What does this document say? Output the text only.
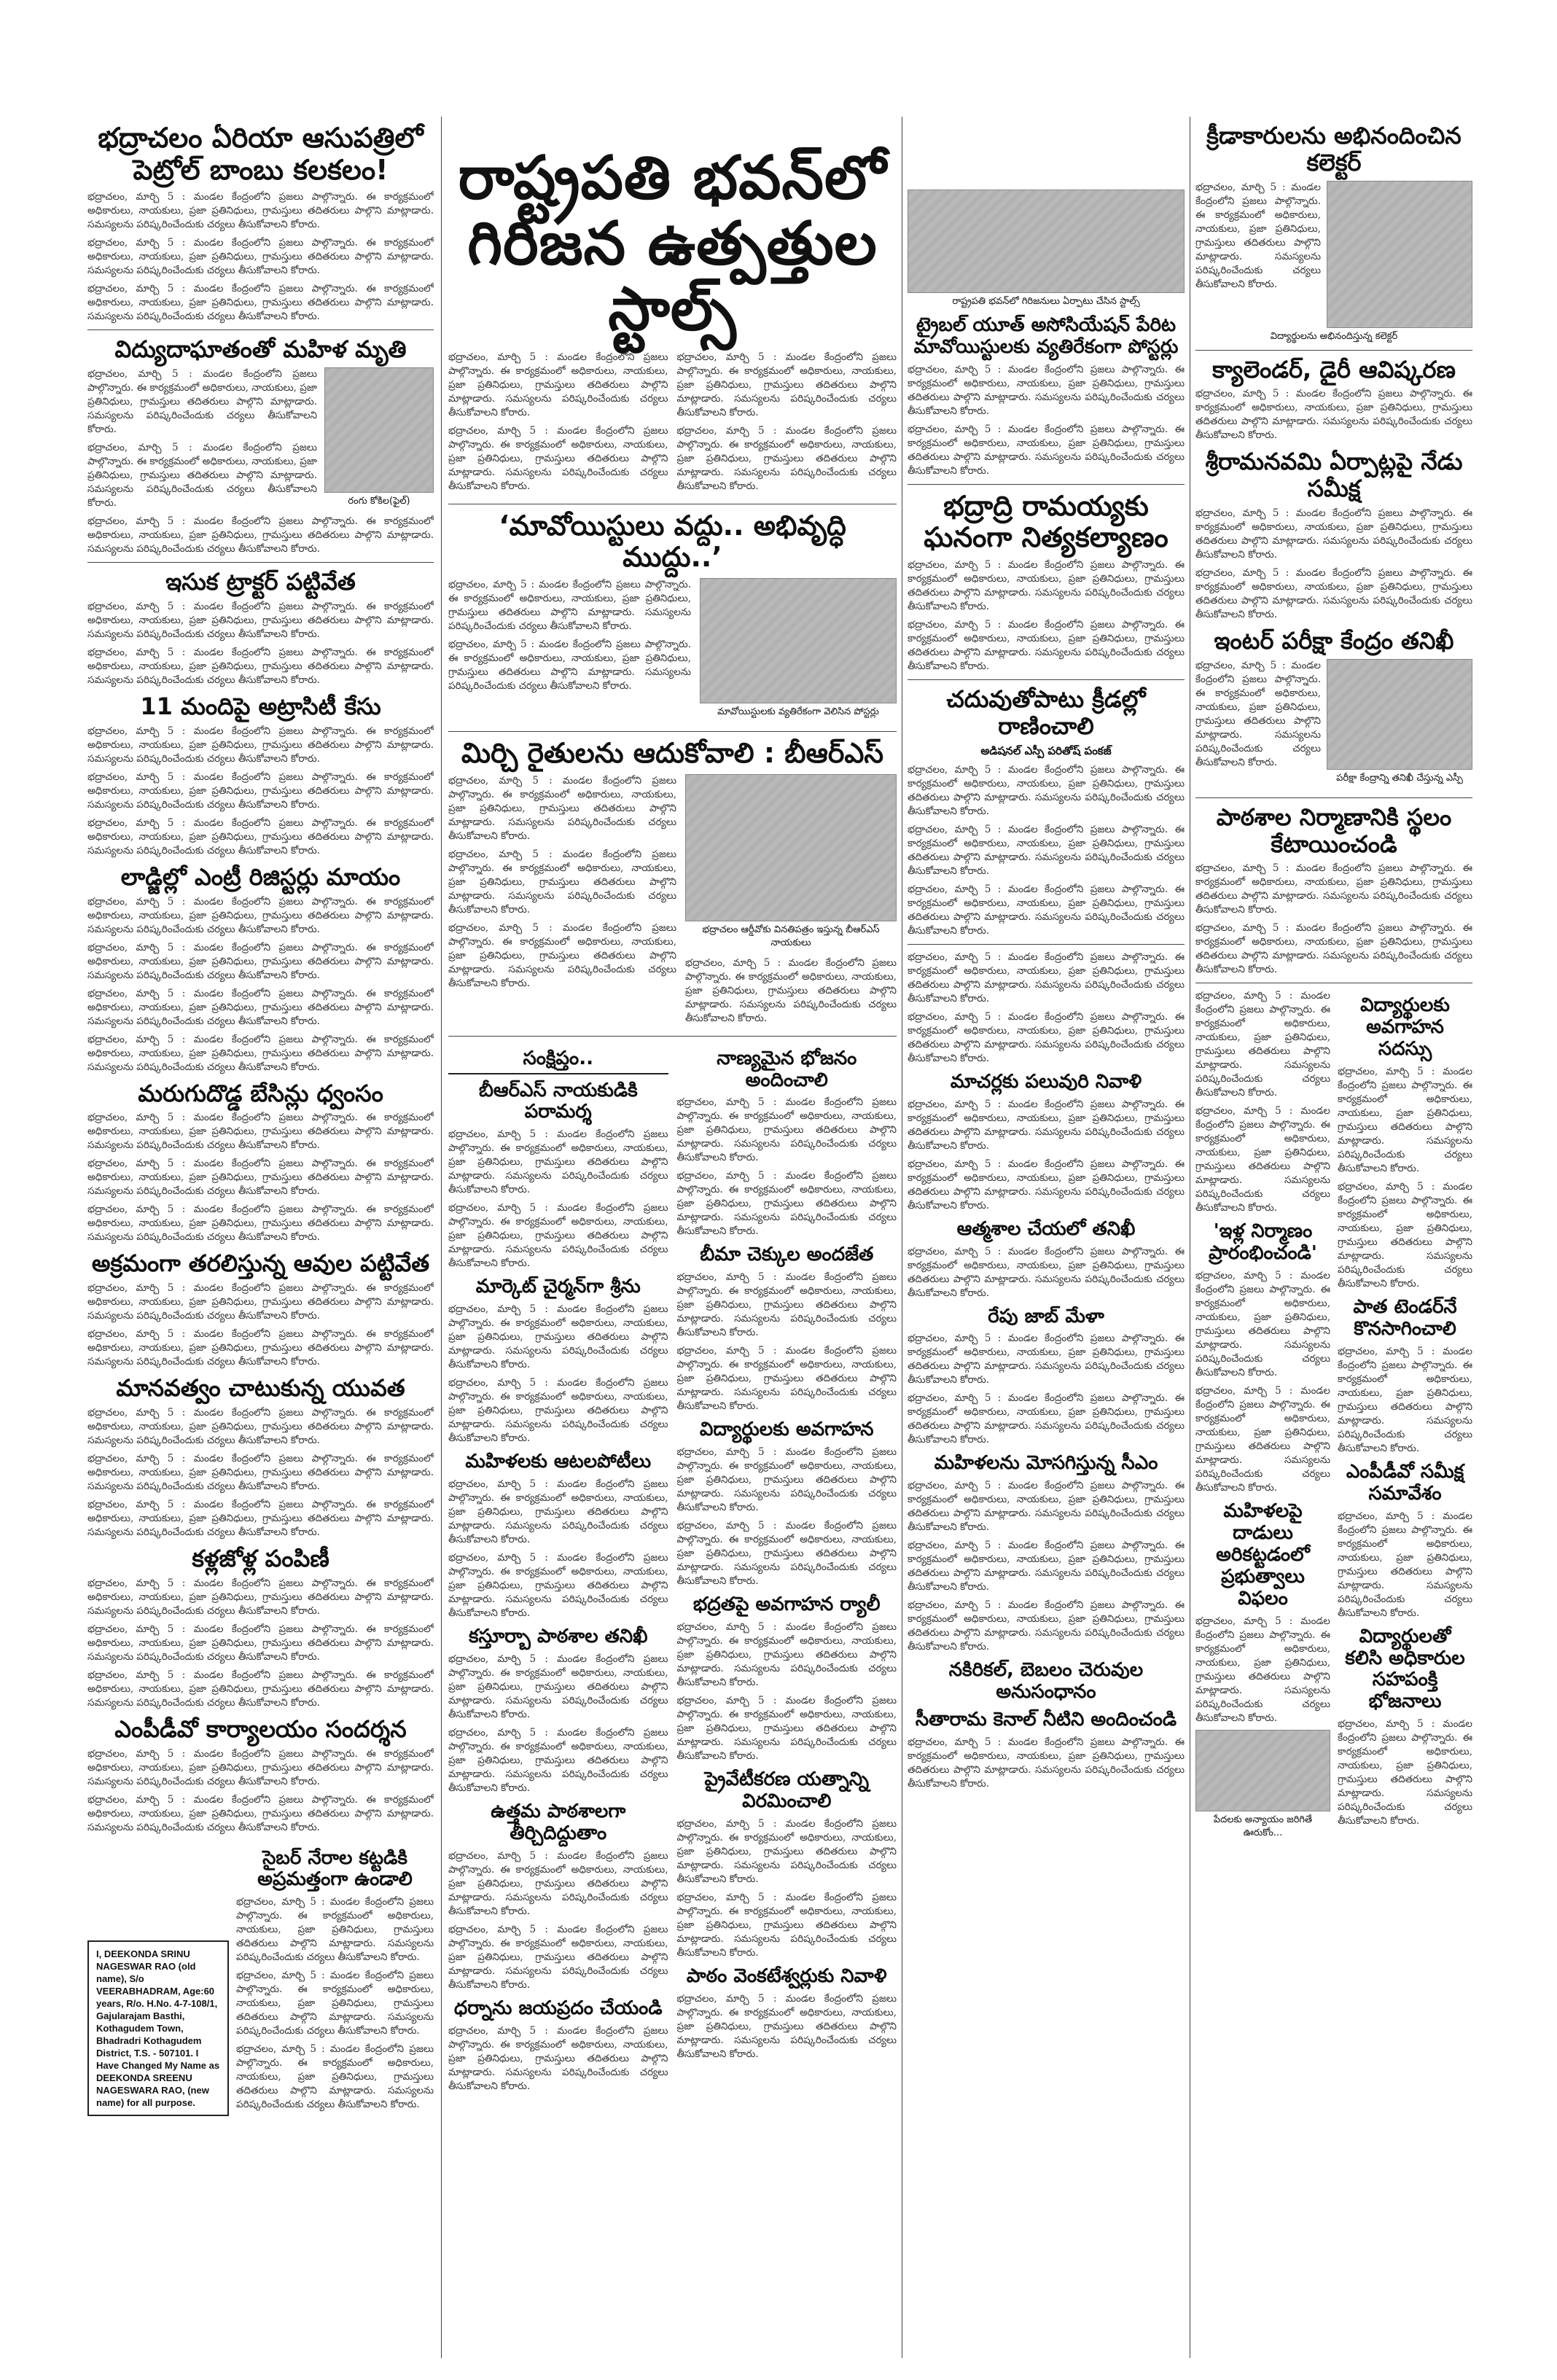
భద్రాచలం ఏరియా ఆసుపత్రిలో పెట్రోల్ బాంబు కలకలం!

భద్రాచలం, మార్చి 5 : మండల కేంద్రంలోని ప్రజలు పాల్గొన్నారు. ఈ కార్యక్రమంలో అధికారులు, నాయకులు, ప్రజా ప్రతినిధులు, గ్రామస్తులు తదితరులు పాల్గొని మాట్లాడారు. సమస్యలను పరిష్కరించేందుకు చర్యలు తీసుకోవాలని కోరారు.

భద్రాచలం, మార్చి 5 : మండల కేంద్రంలోని ప్రజలు పాల్గొన్నారు. ఈ కార్యక్రమంలో అధికారులు, నాయకులు, ప్రజా ప్రతినిధులు, గ్రామస్తులు తదితరులు పాల్గొని మాట్లాడారు. సమస్యలను పరిష్కరించేందుకు చర్యలు తీసుకోవాలని కోరారు.

భద్రాచలం, మార్చి 5 : మండల కేంద్రంలోని ప్రజలు పాల్గొన్నారు. ఈ కార్యక్రమంలో అధికారులు, నాయకులు, ప్రజా ప్రతినిధులు, గ్రామస్తులు తదితరులు పాల్గొని మాట్లాడారు. సమస్యలను పరిష్కరించేందుకు చర్యలు తీసుకోవాలని కోరారు.

విద్యుదాఘాతంతో మహిళ మృతి

భద్రాచలం, మార్చి 5 : మండల కేంద్రంలోని ప్రజలు పాల్గొన్నారు. ఈ కార్యక్రమంలో అధికారులు, నాయకులు, ప్రజా ప్రతినిధులు, గ్రామస్తులు తదితరులు పాల్గొని మాట్లాడారు. సమస్యలను పరిష్కరించేందుకు చర్యలు తీసుకోవాలని కోరారు.

భద్రాచలం, మార్చి 5 : మండల కేంద్రంలోని ప్రజలు పాల్గొన్నారు. ఈ కార్యక్రమంలో అధికారులు, నాయకులు, ప్రజా ప్రతినిధులు, గ్రామస్తులు తదితరులు పాల్గొని మాట్లాడారు. సమస్యలను పరిష్కరించేందుకు చర్యలు తీసుకోవాలని కోరారు.	రంగు కోకిల(ఫైల్)

భద్రాచలం, మార్చి 5 : మండల కేంద్రంలోని ప్రజలు పాల్గొన్నారు. ఈ కార్యక్రమంలో అధికారులు, నాయకులు, ప్రజా ప్రతినిధులు, గ్రామస్తులు తదితరులు పాల్గొని మాట్లాడారు. సమస్యలను పరిష్కరించేందుకు చర్యలు తీసుకోవాలని కోరారు.

ఇసుక ట్రాక్టర్ పట్టివేత

భద్రాచలం, మార్చి 5 : మండల కేంద్రంలోని ప్రజలు పాల్గొన్నారు. ఈ కార్యక్రమంలో అధికారులు, నాయకులు, ప్రజా ప్రతినిధులు, గ్రామస్తులు తదితరులు పాల్గొని మాట్లాడారు. సమస్యలను పరిష్కరించేందుకు చర్యలు తీసుకోవాలని కోరారు.

భద్రాచలం, మార్చి 5 : మండల కేంద్రంలోని ప్రజలు పాల్గొన్నారు. ఈ కార్యక్రమంలో అధికారులు, నాయకులు, ప్రజా ప్రతినిధులు, గ్రామస్తులు తదితరులు పాల్గొని మాట్లాడారు. సమస్యలను పరిష్కరించేందుకు చర్యలు తీసుకోవాలని కోరారు.

11 మందిపై అట్రాసిటీ కేసు

భద్రాచలం, మార్చి 5 : మండల కేంద్రంలోని ప్రజలు పాల్గొన్నారు. ఈ కార్యక్రమంలో అధికారులు, నాయకులు, ప్రజా ప్రతినిధులు, గ్రామస్తులు తదితరులు పాల్గొని మాట్లాడారు. సమస్యలను పరిష్కరించేందుకు చర్యలు తీసుకోవాలని కోరారు.

భద్రాచలం, మార్చి 5 : మండల కేంద్రంలోని ప్రజలు పాల్గొన్నారు. ఈ కార్యక్రమంలో అధికారులు, నాయకులు, ప్రజా ప్రతినిధులు, గ్రామస్తులు తదితరులు పాల్గొని మాట్లాడారు. సమస్యలను పరిష్కరించేందుకు చర్యలు తీసుకోవాలని కోరారు.

భద్రాచలం, మార్చి 5 : మండల కేంద్రంలోని ప్రజలు పాల్గొన్నారు. ఈ కార్యక్రమంలో అధికారులు, నాయకులు, ప్రజా ప్రతినిధులు, గ్రామస్తులు తదితరులు పాల్గొని మాట్లాడారు. సమస్యలను పరిష్కరించేందుకు చర్యలు తీసుకోవాలని కోరారు.

లాడ్జిల్లో ఎంట్రీ రిజిస్టర్లు మాయం

భద్రాచలం, మార్చి 5 : మండల కేంద్రంలోని ప్రజలు పాల్గొన్నారు. ఈ కార్యక్రమంలో అధికారులు, నాయకులు, ప్రజా ప్రతినిధులు, గ్రామస్తులు తదితరులు పాల్గొని మాట్లాడారు. సమస్యలను పరిష్కరించేందుకు చర్యలు తీసుకోవాలని కోరారు.

భద్రాచలం, మార్చి 5 : మండల కేంద్రంలోని ప్రజలు పాల్గొన్నారు. ఈ కార్యక్రమంలో అధికారులు, నాయకులు, ప్రజా ప్రతినిధులు, గ్రామస్తులు తదితరులు పాల్గొని మాట్లాడారు. సమస్యలను పరిష్కరించేందుకు చర్యలు తీసుకోవాలని కోరారు.

భద్రాచలం, మార్చి 5 : మండల కేంద్రంలోని ప్రజలు పాల్గొన్నారు. ఈ కార్యక్రమంలో అధికారులు, నాయకులు, ప్రజా ప్రతినిధులు, గ్రామస్తులు తదితరులు పాల్గొని మాట్లాడారు. సమస్యలను పరిష్కరించేందుకు చర్యలు తీసుకోవాలని కోరారు.

భద్రాచలం, మార్చి 5 : మండల కేంద్రంలోని ప్రజలు పాల్గొన్నారు. ఈ కార్యక్రమంలో అధికారులు, నాయకులు, ప్రజా ప్రతినిధులు, గ్రామస్తులు తదితరులు పాల్గొని మాట్లాడారు. సమస్యలను పరిష్కరించేందుకు చర్యలు తీసుకోవాలని కోరారు.

మరుగుదొడ్డ బేసిన్లు ధ్వంసం

భద్రాచలం, మార్చి 5 : మండల కేంద్రంలోని ప్రజలు పాల్గొన్నారు. ఈ కార్యక్రమంలో అధికారులు, నాయకులు, ప్రజా ప్రతినిధులు, గ్రామస్తులు తదితరులు పాల్గొని మాట్లాడారు. సమస్యలను పరిష్కరించేందుకు చర్యలు తీసుకోవాలని కోరారు.

భద్రాచలం, మార్చి 5 : మండల కేంద్రంలోని ప్రజలు పాల్గొన్నారు. ఈ కార్యక్రమంలో అధికారులు, నాయకులు, ప్రజా ప్రతినిధులు, గ్రామస్తులు తదితరులు పాల్గొని మాట్లాడారు. సమస్యలను పరిష్కరించేందుకు చర్యలు తీసుకోవాలని కోరారు.

భద్రాచలం, మార్చి 5 : మండల కేంద్రంలోని ప్రజలు పాల్గొన్నారు. ఈ కార్యక్రమంలో అధికారులు, నాయకులు, ప్రజా ప్రతినిధులు, గ్రామస్తులు తదితరులు పాల్గొని మాట్లాడారు. సమస్యలను పరిష్కరించేందుకు చర్యలు తీసుకోవాలని కోరారు.

అక్రమంగా తరలిస్తున్న ఆవుల పట్టివేత

భద్రాచలం, మార్చి 5 : మండల కేంద్రంలోని ప్రజలు పాల్గొన్నారు. ఈ కార్యక్రమంలో అధికారులు, నాయకులు, ప్రజా ప్రతినిధులు, గ్రామస్తులు తదితరులు పాల్గొని మాట్లాడారు. సమస్యలను పరిష్కరించేందుకు చర్యలు తీసుకోవాలని కోరారు.

భద్రాచలం, మార్చి 5 : మండల కేంద్రంలోని ప్రజలు పాల్గొన్నారు. ఈ కార్యక్రమంలో అధికారులు, నాయకులు, ప్రజా ప్రతినిధులు, గ్రామస్తులు తదితరులు పాల్గొని మాట్లాడారు. సమస్యలను పరిష్కరించేందుకు చర్యలు తీసుకోవాలని కోరారు.

మానవత్వం చాటుకున్న యువత

భద్రాచలం, మార్చి 5 : మండల కేంద్రంలోని ప్రజలు పాల్గొన్నారు. ఈ కార్యక్రమంలో అధికారులు, నాయకులు, ప్రజా ప్రతినిధులు, గ్రామస్తులు తదితరులు పాల్గొని మాట్లాడారు. సమస్యలను పరిష్కరించేందుకు చర్యలు తీసుకోవాలని కోరారు.

భద్రాచలం, మార్చి 5 : మండల కేంద్రంలోని ప్రజలు పాల్గొన్నారు. ఈ కార్యక్రమంలో అధికారులు, నాయకులు, ప్రజా ప్రతినిధులు, గ్రామస్తులు తదితరులు పాల్గొని మాట్లాడారు. సమస్యలను పరిష్కరించేందుకు చర్యలు తీసుకోవాలని కోరారు.

భద్రాచలం, మార్చి 5 : మండల కేంద్రంలోని ప్రజలు పాల్గొన్నారు. ఈ కార్యక్రమంలో అధికారులు, నాయకులు, ప్రజా ప్రతినిధులు, గ్రామస్తులు తదితరులు పాల్గొని మాట్లాడారు. సమస్యలను పరిష్కరించేందుకు చర్యలు తీసుకోవాలని కోరారు.

కళ్లజోళ్ల పంపిణీ

భద్రాచలం, మార్చి 5 : మండల కేంద్రంలోని ప్రజలు పాల్గొన్నారు. ఈ కార్యక్రమంలో అధికారులు, నాయకులు, ప్రజా ప్రతినిధులు, గ్రామస్తులు తదితరులు పాల్గొని మాట్లాడారు. సమస్యలను పరిష్కరించేందుకు చర్యలు తీసుకోవాలని కోరారు.

భద్రాచలం, మార్చి 5 : మండల కేంద్రంలోని ప్రజలు పాల్గొన్నారు. ఈ కార్యక్రమంలో అధికారులు, నాయకులు, ప్రజా ప్రతినిధులు, గ్రామస్తులు తదితరులు పాల్గొని మాట్లాడారు. సమస్యలను పరిష్కరించేందుకు చర్యలు తీసుకోవాలని కోరారు.

భద్రాచలం, మార్చి 5 : మండల కేంద్రంలోని ప్రజలు పాల్గొన్నారు. ఈ కార్యక్రమంలో అధికారులు, నాయకులు, ప్రజా ప్రతినిధులు, గ్రామస్తులు తదితరులు పాల్గొని మాట్లాడారు. సమస్యలను పరిష్కరించేందుకు చర్యలు తీసుకోవాలని కోరారు.

ఎంపీడీవో కార్యాలయం సందర్శన

భద్రాచలం, మార్చి 5 : మండల కేంద్రంలోని ప్రజలు పాల్గొన్నారు. ఈ కార్యక్రమంలో అధికారులు, నాయకులు, ప్రజా ప్రతినిధులు, గ్రామస్తులు తదితరులు పాల్గొని మాట్లాడారు. సమస్యలను పరిష్కరించేందుకు చర్యలు తీసుకోవాలని కోరారు.

భద్రాచలం, మార్చి 5 : మండల కేంద్రంలోని ప్రజలు పాల్గొన్నారు. ఈ కార్యక్రమంలో అధికారులు, నాయకులు, ప్రజా ప్రతినిధులు, గ్రామస్తులు తదితరులు పాల్గొని మాట్లాడారు. సమస్యలను పరిష్కరించేందుకు చర్యలు తీసుకోవాలని కోరారు.

I, DEEKONDA SRINU NAGESWAR RAO (old name), S/o VEERABHADRAM, Age:60 years, R/o. H.No. 4-7-108/1, Gajularajam Basthi, Kothagudem Town, Bhadradri Kothagudem District, T.S. - 507101. I Have Changed My Name as DEEKONDA SREENU NAGESWARA RAO, (new name) for all purpose.
సైబర్ నేరాల కట్టడికి అప్రమత్తంగా ఉండాలి

భద్రాచలం, మార్చి 5 : మండల కేంద్రంలోని ప్రజలు పాల్గొన్నారు. ఈ కార్యక్రమంలో అధికారులు, నాయకులు, ప్రజా ప్రతినిధులు, గ్రామస్తులు తదితరులు పాల్గొని మాట్లాడారు. సమస్యలను పరిష్కరించేందుకు చర్యలు తీసుకోవాలని కోరారు.

భద్రాచలం, మార్చి 5 : మండల కేంద్రంలోని ప్రజలు పాల్గొన్నారు. ఈ కార్యక్రమంలో అధికారులు, నాయకులు, ప్రజా ప్రతినిధులు, గ్రామస్తులు తదితరులు పాల్గొని మాట్లాడారు. సమస్యలను పరిష్కరించేందుకు చర్యలు తీసుకోవాలని కోరారు.

భద్రాచలం, మార్చి 5 : మండల కేంద్రంలోని ప్రజలు పాల్గొన్నారు. ఈ కార్యక్రమంలో అధికారులు, నాయకులు, ప్రజా ప్రతినిధులు, గ్రామస్తులు తదితరులు పాల్గొని మాట్లాడారు. సమస్యలను పరిష్కరించేందుకు చర్యలు తీసుకోవాలని కోరారు.

రాష్ట్రపతి భవన్‌లో గిరిజన ఉత్పత్తుల స్టాల్స్

భద్రాచలం, మార్చి 5 : మండల కేంద్రంలోని ప్రజలు పాల్గొన్నారు. ఈ కార్యక్రమంలో అధికారులు, నాయకులు, ప్రజా ప్రతినిధులు, గ్రామస్తులు తదితరులు పాల్గొని మాట్లాడారు. సమస్యలను పరిష్కరించేందుకు చర్యలు తీసుకోవాలని కోరారు.

భద్రాచలం, మార్చి 5 : మండల కేంద్రంలోని ప్రజలు పాల్గొన్నారు. ఈ కార్యక్రమంలో అధికారులు, నాయకులు, ప్రజా ప్రతినిధులు, గ్రామస్తులు తదితరులు పాల్గొని మాట్లాడారు. సమస్యలను పరిష్కరించేందుకు చర్యలు తీసుకోవాలని కోరారు.

భద్రాచలం, మార్చి 5 : మండల కేంద్రంలోని ప్రజలు పాల్గొన్నారు. ఈ కార్యక్రమంలో అధికారులు, నాయకులు, ప్రజా ప్రతినిధులు, గ్రామస్తులు తదితరులు పాల్గొని మాట్లాడారు. సమస్యలను పరిష్కరించేందుకు చర్యలు తీసుకోవాలని కోరారు.

భద్రాచలం, మార్చి 5 : మండల కేంద్రంలోని ప్రజలు పాల్గొన్నారు. ఈ కార్యక్రమంలో అధికారులు, నాయకులు, ప్రజా ప్రతినిధులు, గ్రామస్తులు తదితరులు పాల్గొని మాట్లాడారు. సమస్యలను పరిష్కరించేందుకు చర్యలు తీసుకోవాలని కోరారు.

‘మావోయిస్టులు వద్దు.. అభివృద్ధి ముద్దు..’

భద్రాచలం, మార్చి 5 : మండల కేంద్రంలోని ప్రజలు పాల్గొన్నారు. ఈ కార్యక్రమంలో అధికారులు, నాయకులు, ప్రజా ప్రతినిధులు, గ్రామస్తులు తదితరులు పాల్గొని మాట్లాడారు. సమస్యలను పరిష్కరించేందుకు చర్యలు తీసుకోవాలని కోరారు.

భద్రాచలం, మార్చి 5 : మండల కేంద్రంలోని ప్రజలు పాల్గొన్నారు. ఈ కార్యక్రమంలో అధికారులు, నాయకులు, ప్రజా ప్రతినిధులు, గ్రామస్తులు తదితరులు పాల్గొని మాట్లాడారు. సమస్యలను పరిష్కరించేందుకు చర్యలు తీసుకోవాలని కోరారు.

మావోయిస్టులకు వ్యతిరేకంగా వెలిసిన పోస్టర్లు
మిర్చి రైతులను ఆదుకోవాలి : బీఆర్ఎస్

భద్రాచలం, మార్చి 5 : మండల కేంద్రంలోని ప్రజలు పాల్గొన్నారు. ఈ కార్యక్రమంలో అధికారులు, నాయకులు, ప్రజా ప్రతినిధులు, గ్రామస్తులు తదితరులు పాల్గొని మాట్లాడారు. సమస్యలను పరిష్కరించేందుకు చర్యలు తీసుకోవాలని కోరారు.

భద్రాచలం, మార్చి 5 : మండల కేంద్రంలోని ప్రజలు పాల్గొన్నారు. ఈ కార్యక్రమంలో అధికారులు, నాయకులు, ప్రజా ప్రతినిధులు, గ్రామస్తులు తదితరులు పాల్గొని మాట్లాడారు. సమస్యలను పరిష్కరించేందుకు చర్యలు తీసుకోవాలని కోరారు.

భద్రాచలం, మార్చి 5 : మండల కేంద్రంలోని ప్రజలు పాల్గొన్నారు. ఈ కార్యక్రమంలో అధికారులు, నాయకులు, ప్రజా ప్రతినిధులు, గ్రామస్తులు తదితరులు పాల్గొని మాట్లాడారు. సమస్యలను పరిష్కరించేందుకు చర్యలు తీసుకోవాలని కోరారు.

భద్రాచలం ఆర్డీవోకు వినతిపత్రం ఇస్తున్న బీఆర్ఎస్ నాయకులు

భద్రాచలం, మార్చి 5 : మండల కేంద్రంలోని ప్రజలు పాల్గొన్నారు. ఈ కార్యక్రమంలో అధికారులు, నాయకులు, ప్రజా ప్రతినిధులు, గ్రామస్తులు తదితరులు పాల్గొని మాట్లాడారు. సమస్యలను పరిష్కరించేందుకు చర్యలు తీసుకోవాలని కోరారు.

సంక్షిప్తం..
బీఆర్ఎస్ నాయకుడికి పరామర్శ

భద్రాచలం, మార్చి 5 : మండల కేంద్రంలోని ప్రజలు పాల్గొన్నారు. ఈ కార్యక్రమంలో అధికారులు, నాయకులు, ప్రజా ప్రతినిధులు, గ్రామస్తులు తదితరులు పాల్గొని మాట్లాడారు. సమస్యలను పరిష్కరించేందుకు చర్యలు తీసుకోవాలని కోరారు.

భద్రాచలం, మార్చి 5 : మండల కేంద్రంలోని ప్రజలు పాల్గొన్నారు. ఈ కార్యక్రమంలో అధికారులు, నాయకులు, ప్రజా ప్రతినిధులు, గ్రామస్తులు తదితరులు పాల్గొని మాట్లాడారు. సమస్యలను పరిష్కరించేందుకు చర్యలు తీసుకోవాలని కోరారు.

మార్కెట్ చైర్మన్‌గా శ్రీను

భద్రాచలం, మార్చి 5 : మండల కేంద్రంలోని ప్రజలు పాల్గొన్నారు. ఈ కార్యక్రమంలో అధికారులు, నాయకులు, ప్రజా ప్రతినిధులు, గ్రామస్తులు తదితరులు పాల్గొని మాట్లాడారు. సమస్యలను పరిష్కరించేందుకు చర్యలు తీసుకోవాలని కోరారు.

భద్రాచలం, మార్చి 5 : మండల కేంద్రంలోని ప్రజలు పాల్గొన్నారు. ఈ కార్యక్రమంలో అధికారులు, నాయకులు, ప్రజా ప్రతినిధులు, గ్రామస్తులు తదితరులు పాల్గొని మాట్లాడారు. సమస్యలను పరిష్కరించేందుకు చర్యలు తీసుకోవాలని కోరారు.

మహిళలకు ఆటలపోటీలు

భద్రాచలం, మార్చి 5 : మండల కేంద్రంలోని ప్రజలు పాల్గొన్నారు. ఈ కార్యక్రమంలో అధికారులు, నాయకులు, ప్రజా ప్రతినిధులు, గ్రామస్తులు తదితరులు పాల్గొని మాట్లాడారు. సమస్యలను పరిష్కరించేందుకు చర్యలు తీసుకోవాలని కోరారు.

భద్రాచలం, మార్చి 5 : మండల కేంద్రంలోని ప్రజలు పాల్గొన్నారు. ఈ కార్యక్రమంలో అధికారులు, నాయకులు, ప్రజా ప్రతినిధులు, గ్రామస్తులు తదితరులు పాల్గొని మాట్లాడారు. సమస్యలను పరిష్కరించేందుకు చర్యలు తీసుకోవాలని కోరారు.

కస్తూర్బా పాఠశాల తనిఖీ

భద్రాచలం, మార్చి 5 : మండల కేంద్రంలోని ప్రజలు పాల్గొన్నారు. ఈ కార్యక్రమంలో అధికారులు, నాయకులు, ప్రజా ప్రతినిధులు, గ్రామస్తులు తదితరులు పాల్గొని మాట్లాడారు. సమస్యలను పరిష్కరించేందుకు చర్యలు తీసుకోవాలని కోరారు.

భద్రాచలం, మార్చి 5 : మండల కేంద్రంలోని ప్రజలు పాల్గొన్నారు. ఈ కార్యక్రమంలో అధికారులు, నాయకులు, ప్రజా ప్రతినిధులు, గ్రామస్తులు తదితరులు పాల్గొని మాట్లాడారు. సమస్యలను పరిష్కరించేందుకు చర్యలు తీసుకోవాలని కోరారు.

ఉత్తమ పాఠశాలగా తీర్చిదిద్దుతాం

భద్రాచలం, మార్చి 5 : మండల కేంద్రంలోని ప్రజలు పాల్గొన్నారు. ఈ కార్యక్రమంలో అధికారులు, నాయకులు, ప్రజా ప్రతినిధులు, గ్రామస్తులు తదితరులు పాల్గొని మాట్లాడారు. సమస్యలను పరిష్కరించేందుకు చర్యలు తీసుకోవాలని కోరారు.

భద్రాచలం, మార్చి 5 : మండల కేంద్రంలోని ప్రజలు పాల్గొన్నారు. ఈ కార్యక్రమంలో అధికారులు, నాయకులు, ప్రజా ప్రతినిధులు, గ్రామస్తులు తదితరులు పాల్గొని మాట్లాడారు. సమస్యలను పరిష్కరించేందుకు చర్యలు తీసుకోవాలని కోరారు.

ధర్నాను జయప్రదం చేయండి

భద్రాచలం, మార్చి 5 : మండల కేంద్రంలోని ప్రజలు పాల్గొన్నారు. ఈ కార్యక్రమంలో అధికారులు, నాయకులు, ప్రజా ప్రతినిధులు, గ్రామస్తులు తదితరులు పాల్గొని మాట్లాడారు. సమస్యలను పరిష్కరించేందుకు చర్యలు తీసుకోవాలని కోరారు.

నాణ్యమైన భోజనం అందించాలి

భద్రాచలం, మార్చి 5 : మండల కేంద్రంలోని ప్రజలు పాల్గొన్నారు. ఈ కార్యక్రమంలో అధికారులు, నాయకులు, ప్రజా ప్రతినిధులు, గ్రామస్తులు తదితరులు పాల్గొని మాట్లాడారు. సమస్యలను పరిష్కరించేందుకు చర్యలు తీసుకోవాలని కోరారు.

భద్రాచలం, మార్చి 5 : మండల కేంద్రంలోని ప్రజలు పాల్గొన్నారు. ఈ కార్యక్రమంలో అధికారులు, నాయకులు, ప్రజా ప్రతినిధులు, గ్రామస్తులు తదితరులు పాల్గొని మాట్లాడారు. సమస్యలను పరిష్కరించేందుకు చర్యలు తీసుకోవాలని కోరారు.

బీమా చెక్కుల అందజేత

భద్రాచలం, మార్చి 5 : మండల కేంద్రంలోని ప్రజలు పాల్గొన్నారు. ఈ కార్యక్రమంలో అధికారులు, నాయకులు, ప్రజా ప్రతినిధులు, గ్రామస్తులు తదితరులు పాల్గొని మాట్లాడారు. సమస్యలను పరిష్కరించేందుకు చర్యలు తీసుకోవాలని కోరారు.

భద్రాచలం, మార్చి 5 : మండల కేంద్రంలోని ప్రజలు పాల్గొన్నారు. ఈ కార్యక్రమంలో అధికారులు, నాయకులు, ప్రజా ప్రతినిధులు, గ్రామస్తులు తదితరులు పాల్గొని మాట్లాడారు. సమస్యలను పరిష్కరించేందుకు చర్యలు తీసుకోవాలని కోరారు.

విద్యార్థులకు అవగాహన

భద్రాచలం, మార్చి 5 : మండల కేంద్రంలోని ప్రజలు పాల్గొన్నారు. ఈ కార్యక్రమంలో అధికారులు, నాయకులు, ప్రజా ప్రతినిధులు, గ్రామస్తులు తదితరులు పాల్గొని మాట్లాడారు. సమస్యలను పరిష్కరించేందుకు చర్యలు తీసుకోవాలని కోరారు.

భద్రాచలం, మార్చి 5 : మండల కేంద్రంలోని ప్రజలు పాల్గొన్నారు. ఈ కార్యక్రమంలో అధికారులు, నాయకులు, ప్రజా ప్రతినిధులు, గ్రామస్తులు తదితరులు పాల్గొని మాట్లాడారు. సమస్యలను పరిష్కరించేందుకు చర్యలు తీసుకోవాలని కోరారు.

భద్రతపై అవగాహన ర్యాలీ

భద్రాచలం, మార్చి 5 : మండల కేంద్రంలోని ప్రజలు పాల్గొన్నారు. ఈ కార్యక్రమంలో అధికారులు, నాయకులు, ప్రజా ప్రతినిధులు, గ్రామస్తులు తదితరులు పాల్గొని మాట్లాడారు. సమస్యలను పరిష్కరించేందుకు చర్యలు తీసుకోవాలని కోరారు.

భద్రాచలం, మార్చి 5 : మండల కేంద్రంలోని ప్రజలు పాల్గొన్నారు. ఈ కార్యక్రమంలో అధికారులు, నాయకులు, ప్రజా ప్రతినిధులు, గ్రామస్తులు తదితరులు పాల్గొని మాట్లాడారు. సమస్యలను పరిష్కరించేందుకు చర్యలు తీసుకోవాలని కోరారు.

ప్రైవేటీకరణ యత్నాన్ని విరమించాలి

భద్రాచలం, మార్చి 5 : మండల కేంద్రంలోని ప్రజలు పాల్గొన్నారు. ఈ కార్యక్రమంలో అధికారులు, నాయకులు, ప్రజా ప్రతినిధులు, గ్రామస్తులు తదితరులు పాల్గొని మాట్లాడారు. సమస్యలను పరిష్కరించేందుకు చర్యలు తీసుకోవాలని కోరారు.

భద్రాచలం, మార్చి 5 : మండల కేంద్రంలోని ప్రజలు పాల్గొన్నారు. ఈ కార్యక్రమంలో అధికారులు, నాయకులు, ప్రజా ప్రతినిధులు, గ్రామస్తులు తదితరులు పాల్గొని మాట్లాడారు. సమస్యలను పరిష్కరించేందుకు చర్యలు తీసుకోవాలని కోరారు.

పాఠం వెంకటేశ్వర్లుకు నివాళి

భద్రాచలం, మార్చి 5 : మండల కేంద్రంలోని ప్రజలు పాల్గొన్నారు. ఈ కార్యక్రమంలో అధికారులు, నాయకులు, ప్రజా ప్రతినిధులు, గ్రామస్తులు తదితరులు పాల్గొని మాట్లాడారు. సమస్యలను పరిష్కరించేందుకు చర్యలు తీసుకోవాలని కోరారు.

రాష్ట్రపతి భవన్‌లో గిరిజనులు ఏర్పాటు చేసిన స్టాల్స్
ట్రైబల్ యూత్ అసోసియేషన్ పేరిట మావోయిస్టులకు వ్యతిరేకంగా పోస్టర్లు

భద్రాచలం, మార్చి 5 : మండల కేంద్రంలోని ప్రజలు పాల్గొన్నారు. ఈ కార్యక్రమంలో అధికారులు, నాయకులు, ప్రజా ప్రతినిధులు, గ్రామస్తులు తదితరులు పాల్గొని మాట్లాడారు. సమస్యలను పరిష్కరించేందుకు చర్యలు తీసుకోవాలని కోరారు.

భద్రాచలం, మార్చి 5 : మండల కేంద్రంలోని ప్రజలు పాల్గొన్నారు. ఈ కార్యక్రమంలో అధికారులు, నాయకులు, ప్రజా ప్రతినిధులు, గ్రామస్తులు తదితరులు పాల్గొని మాట్లాడారు. సమస్యలను పరిష్కరించేందుకు చర్యలు తీసుకోవాలని కోరారు.

భద్రాద్రి రామయ్యకు ఘనంగా నిత్యకల్యాణం

భద్రాచలం, మార్చి 5 : మండల కేంద్రంలోని ప్రజలు పాల్గొన్నారు. ఈ కార్యక్రమంలో అధికారులు, నాయకులు, ప్రజా ప్రతినిధులు, గ్రామస్తులు తదితరులు పాల్గొని మాట్లాడారు. సమస్యలను పరిష్కరించేందుకు చర్యలు తీసుకోవాలని కోరారు.

భద్రాచలం, మార్చి 5 : మండల కేంద్రంలోని ప్రజలు పాల్గొన్నారు. ఈ కార్యక్రమంలో అధికారులు, నాయకులు, ప్రజా ప్రతినిధులు, గ్రామస్తులు తదితరులు పాల్గొని మాట్లాడారు. సమస్యలను పరిష్కరించేందుకు చర్యలు తీసుకోవాలని కోరారు.

చదువుతోపాటు క్రీడల్లో రాణించాలి
అడిషనల్ ఎస్పీ పరితోష్ పంకజ్

భద్రాచలం, మార్చి 5 : మండల కేంద్రంలోని ప్రజలు పాల్గొన్నారు. ఈ కార్యక్రమంలో అధికారులు, నాయకులు, ప్రజా ప్రతినిధులు, గ్రామస్తులు తదితరులు పాల్గొని మాట్లాడారు. సమస్యలను పరిష్కరించేందుకు చర్యలు తీసుకోవాలని కోరారు.

భద్రాచలం, మార్చి 5 : మండల కేంద్రంలోని ప్రజలు పాల్గొన్నారు. ఈ కార్యక్రమంలో అధికారులు, నాయకులు, ప్రజా ప్రతినిధులు, గ్రామస్తులు తదితరులు పాల్గొని మాట్లాడారు. సమస్యలను పరిష్కరించేందుకు చర్యలు తీసుకోవాలని కోరారు.

భద్రాచలం, మార్చి 5 : మండల కేంద్రంలోని ప్రజలు పాల్గొన్నారు. ఈ కార్యక్రమంలో అధికారులు, నాయకులు, ప్రజా ప్రతినిధులు, గ్రామస్తులు తదితరులు పాల్గొని మాట్లాడారు. సమస్యలను పరిష్కరించేందుకు చర్యలు తీసుకోవాలని కోరారు.

భద్రాచలం, మార్చి 5 : మండల కేంద్రంలోని ప్రజలు పాల్గొన్నారు. ఈ కార్యక్రమంలో అధికారులు, నాయకులు, ప్రజా ప్రతినిధులు, గ్రామస్తులు తదితరులు పాల్గొని మాట్లాడారు. సమస్యలను పరిష్కరించేందుకు చర్యలు తీసుకోవాలని కోరారు.

భద్రాచలం, మార్చి 5 : మండల కేంద్రంలోని ప్రజలు పాల్గొన్నారు. ఈ కార్యక్రమంలో అధికారులు, నాయకులు, ప్రజా ప్రతినిధులు, గ్రామస్తులు తదితరులు పాల్గొని మాట్లాడారు. సమస్యలను పరిష్కరించేందుకు చర్యలు తీసుకోవాలని కోరారు.

మాచర్లకు పలువురి నివాళి

భద్రాచలం, మార్చి 5 : మండల కేంద్రంలోని ప్రజలు పాల్గొన్నారు. ఈ కార్యక్రమంలో అధికారులు, నాయకులు, ప్రజా ప్రతినిధులు, గ్రామస్తులు తదితరులు పాల్గొని మాట్లాడారు. సమస్యలను పరిష్కరించేందుకు చర్యలు తీసుకోవాలని కోరారు.

భద్రాచలం, మార్చి 5 : మండల కేంద్రంలోని ప్రజలు పాల్గొన్నారు. ఈ కార్యక్రమంలో అధికారులు, నాయకులు, ప్రజా ప్రతినిధులు, గ్రామస్తులు తదితరులు పాల్గొని మాట్లాడారు. సమస్యలను పరిష్కరించేందుకు చర్యలు తీసుకోవాలని కోరారు.

ఆత్మశాల చేయలో తనిఖీ

భద్రాచలం, మార్చి 5 : మండల కేంద్రంలోని ప్రజలు పాల్గొన్నారు. ఈ కార్యక్రమంలో అధికారులు, నాయకులు, ప్రజా ప్రతినిధులు, గ్రామస్తులు తదితరులు పాల్గొని మాట్లాడారు. సమస్యలను పరిష్కరించేందుకు చర్యలు తీసుకోవాలని కోరారు.

రేపు జాబ్ మేళా

భద్రాచలం, మార్చి 5 : మండల కేంద్రంలోని ప్రజలు పాల్గొన్నారు. ఈ కార్యక్రమంలో అధికారులు, నాయకులు, ప్రజా ప్రతినిధులు, గ్రామస్తులు తదితరులు పాల్గొని మాట్లాడారు. సమస్యలను పరిష్కరించేందుకు చర్యలు తీసుకోవాలని కోరారు.

భద్రాచలం, మార్చి 5 : మండల కేంద్రంలోని ప్రజలు పాల్గొన్నారు. ఈ కార్యక్రమంలో అధికారులు, నాయకులు, ప్రజా ప్రతినిధులు, గ్రామస్తులు తదితరులు పాల్గొని మాట్లాడారు. సమస్యలను పరిష్కరించేందుకు చర్యలు తీసుకోవాలని కోరారు.

మహిళలను మోసగిస్తున్న సీఎం

భద్రాచలం, మార్చి 5 : మండల కేంద్రంలోని ప్రజలు పాల్గొన్నారు. ఈ కార్యక్రమంలో అధికారులు, నాయకులు, ప్రజా ప్రతినిధులు, గ్రామస్తులు తదితరులు పాల్గొని మాట్లాడారు. సమస్యలను పరిష్కరించేందుకు చర్యలు తీసుకోవాలని కోరారు.

భద్రాచలం, మార్చి 5 : మండల కేంద్రంలోని ప్రజలు పాల్గొన్నారు. ఈ కార్యక్రమంలో అధికారులు, నాయకులు, ప్రజా ప్రతినిధులు, గ్రామస్తులు తదితరులు పాల్గొని మాట్లాడారు. సమస్యలను పరిష్కరించేందుకు చర్యలు తీసుకోవాలని కోరారు.

భద్రాచలం, మార్చి 5 : మండల కేంద్రంలోని ప్రజలు పాల్గొన్నారు. ఈ కార్యక్రమంలో అధికారులు, నాయకులు, ప్రజా ప్రతినిధులు, గ్రామస్తులు తదితరులు పాల్గొని మాట్లాడారు. సమస్యలను పరిష్కరించేందుకు చర్యలు తీసుకోవాలని కోరారు.

నకిరికల్, బెబలం చెరువుల అనుసంధానం
సీతారామ కెనాల్ నీటిని అందించండి

భద్రాచలం, మార్చి 5 : మండల కేంద్రంలోని ప్రజలు పాల్గొన్నారు. ఈ కార్యక్రమంలో అధికారులు, నాయకులు, ప్రజా ప్రతినిధులు, గ్రామస్తులు తదితరులు పాల్గొని మాట్లాడారు. సమస్యలను పరిష్కరించేందుకు చర్యలు తీసుకోవాలని కోరారు.

క్రీడాకారులను అభినందించిన కలెక్టర్

భద్రాచలం, మార్చి 5 : మండల కేంద్రంలోని ప్రజలు పాల్గొన్నారు. ఈ కార్యక్రమంలో అధికారులు, నాయకులు, ప్రజా ప్రతినిధులు, గ్రామస్తులు తదితరులు పాల్గొని మాట్లాడారు. సమస్యలను పరిష్కరించేందుకు చర్యలు తీసుకోవాలని కోరారు.

విద్యార్థులను అభినందిస్తున్న కలెక్టర్
క్యాలెండర్, డైరీ ఆవిష్కరణ

భద్రాచలం, మార్చి 5 : మండల కేంద్రంలోని ప్రజలు పాల్గొన్నారు. ఈ కార్యక్రమంలో అధికారులు, నాయకులు, ప్రజా ప్రతినిధులు, గ్రామస్తులు తదితరులు పాల్గొని మాట్లాడారు. సమస్యలను పరిష్కరించేందుకు చర్యలు తీసుకోవాలని కోరారు.

శ్రీరామనవమి ఏర్పాట్లపై నేడు సమీక్ష

భద్రాచలం, మార్చి 5 : మండల కేంద్రంలోని ప్రజలు పాల్గొన్నారు. ఈ కార్యక్రమంలో అధికారులు, నాయకులు, ప్రజా ప్రతినిధులు, గ్రామస్తులు తదితరులు పాల్గొని మాట్లాడారు. సమస్యలను పరిష్కరించేందుకు చర్యలు తీసుకోవాలని కోరారు.

భద్రాచలం, మార్చి 5 : మండల కేంద్రంలోని ప్రజలు పాల్గొన్నారు. ఈ కార్యక్రమంలో అధికారులు, నాయకులు, ప్రజా ప్రతినిధులు, గ్రామస్తులు తదితరులు పాల్గొని మాట్లాడారు. సమస్యలను పరిష్కరించేందుకు చర్యలు తీసుకోవాలని కోరారు.

ఇంటర్ పరీక్షా కేంద్రం తనిఖీ

భద్రాచలం, మార్చి 5 : మండల కేంద్రంలోని ప్రజలు పాల్గొన్నారు. ఈ కార్యక్రమంలో అధికారులు, నాయకులు, ప్రజా ప్రతినిధులు, గ్రామస్తులు తదితరులు పాల్గొని మాట్లాడారు. సమస్యలను పరిష్కరించేందుకు చర్యలు తీసుకోవాలని కోరారు.

పరీక్షా కేంద్రాన్ని తనిఖీ చేస్తున్న ఎస్పీ
పాఠశాల నిర్మాణానికి స్థలం కేటాయించండి

భద్రాచలం, మార్చి 5 : మండల కేంద్రంలోని ప్రజలు పాల్గొన్నారు. ఈ కార్యక్రమంలో అధికారులు, నాయకులు, ప్రజా ప్రతినిధులు, గ్రామస్తులు తదితరులు పాల్గొని మాట్లాడారు. సమస్యలను పరిష్కరించేందుకు చర్యలు తీసుకోవాలని కోరారు.

భద్రాచలం, మార్చి 5 : మండల కేంద్రంలోని ప్రజలు పాల్గొన్నారు. ఈ కార్యక్రమంలో అధికారులు, నాయకులు, ప్రజా ప్రతినిధులు, గ్రామస్తులు తదితరులు పాల్గొని మాట్లాడారు. సమస్యలను పరిష్కరించేందుకు చర్యలు తీసుకోవాలని కోరారు.

భద్రాచలం, మార్చి 5 : మండల కేంద్రంలోని ప్రజలు పాల్గొన్నారు. ఈ కార్యక్రమంలో అధికారులు, నాయకులు, ప్రజా ప్రతినిధులు, గ్రామస్తులు తదితరులు పాల్గొని మాట్లాడారు. సమస్యలను పరిష్కరించేందుకు చర్యలు తీసుకోవాలని కోరారు.

భద్రాచలం, మార్చి 5 : మండల కేంద్రంలోని ప్రజలు పాల్గొన్నారు. ఈ కార్యక్రమంలో అధికారులు, నాయకులు, ప్రజా ప్రతినిధులు, గ్రామస్తులు తదితరులు పాల్గొని మాట్లాడారు. సమస్యలను పరిష్కరించేందుకు చర్యలు తీసుకోవాలని కోరారు.

'ఇళ్ల నిర్మాణం ప్రారంభించండి'

భద్రాచలం, మార్చి 5 : మండల కేంద్రంలోని ప్రజలు పాల్గొన్నారు. ఈ కార్యక్రమంలో అధికారులు, నాయకులు, ప్రజా ప్రతినిధులు, గ్రామస్తులు తదితరులు పాల్గొని మాట్లాడారు. సమస్యలను పరిష్కరించేందుకు చర్యలు తీసుకోవాలని కోరారు.

భద్రాచలం, మార్చి 5 : మండల కేంద్రంలోని ప్రజలు పాల్గొన్నారు. ఈ కార్యక్రమంలో అధికారులు, నాయకులు, ప్రజా ప్రతినిధులు, గ్రామస్తులు తదితరులు పాల్గొని మాట్లాడారు. సమస్యలను పరిష్కరించేందుకు చర్యలు తీసుకోవాలని కోరారు.

మహిళలపై దాడులు అరికట్టడంలో ప్రభుత్వాలు విఫలం

భద్రాచలం, మార్చి 5 : మండల కేంద్రంలోని ప్రజలు పాల్గొన్నారు. ఈ కార్యక్రమంలో అధికారులు, నాయకులు, ప్రజా ప్రతినిధులు, గ్రామస్తులు తదితరులు పాల్గొని మాట్లాడారు. సమస్యలను పరిష్కరించేందుకు చర్యలు తీసుకోవాలని కోరారు.

పేదలకు అన్యాయం జరిగితే ఊరుకోం...
విద్యార్థులకు అవగాహన సదస్సు

భద్రాచలం, మార్చి 5 : మండల కేంద్రంలోని ప్రజలు పాల్గొన్నారు. ఈ కార్యక్రమంలో అధికారులు, నాయకులు, ప్రజా ప్రతినిధులు, గ్రామస్తులు తదితరులు పాల్గొని మాట్లాడారు. సమస్యలను పరిష్కరించేందుకు చర్యలు తీసుకోవాలని కోరారు.

భద్రాచలం, మార్చి 5 : మండల కేంద్రంలోని ప్రజలు పాల్గొన్నారు. ఈ కార్యక్రమంలో అధికారులు, నాయకులు, ప్రజా ప్రతినిధులు, గ్రామస్తులు తదితరులు పాల్గొని మాట్లాడారు. సమస్యలను పరిష్కరించేందుకు చర్యలు తీసుకోవాలని కోరారు.

పాత టెండర్‌నే కొనసాగించాలి

భద్రాచలం, మార్చి 5 : మండల కేంద్రంలోని ప్రజలు పాల్గొన్నారు. ఈ కార్యక్రమంలో అధికారులు, నాయకులు, ప్రజా ప్రతినిధులు, గ్రామస్తులు తదితరులు పాల్గొని మాట్లాడారు. సమస్యలను పరిష్కరించేందుకు చర్యలు తీసుకోవాలని కోరారు.

ఎంపీడీవో సమీక్ష సమావేశం

భద్రాచలం, మార్చి 5 : మండల కేంద్రంలోని ప్రజలు పాల్గొన్నారు. ఈ కార్యక్రమంలో అధికారులు, నాయకులు, ప్రజా ప్రతినిధులు, గ్రామస్తులు తదితరులు పాల్గొని మాట్లాడారు. సమస్యలను పరిష్కరించేందుకు చర్యలు తీసుకోవాలని కోరారు.

విద్యార్థులతో కలిసి అధికారుల సహపంక్తి భోజనాలు

భద్రాచలం, మార్చి 5 : మండల కేంద్రంలోని ప్రజలు పాల్గొన్నారు. ఈ కార్యక్రమంలో అధికారులు, నాయకులు, ప్రజా ప్రతినిధులు, గ్రామస్తులు తదితరులు పాల్గొని మాట్లాడారు. సమస్యలను పరిష్కరించేందుకు చర్యలు తీసుకోవాలని కోరారు.
